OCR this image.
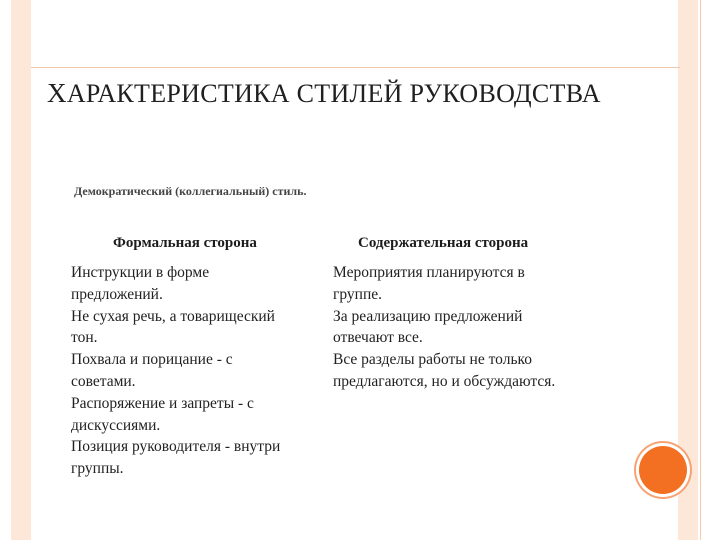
ХАРАКТЕРИСТИКА СТИЛЕЙ РУКОВОДСТВА
Демократический (коллегиальный) стиль.
Формальная сторона	Содержательная сторона
Инструкции в форме
предложений.
Не сухая речь, а товарищеский
тон.
Похвала и порицание - с
советами.
Распоряжение и запреты - с
дискуссиями.
Позиция руководителя - внутри
группы.
Мероприятия планируются в
группе.
За реализацию предложений
отвечают все.
Все разделы работы не только
предлагаются, но и обсуждаются.
